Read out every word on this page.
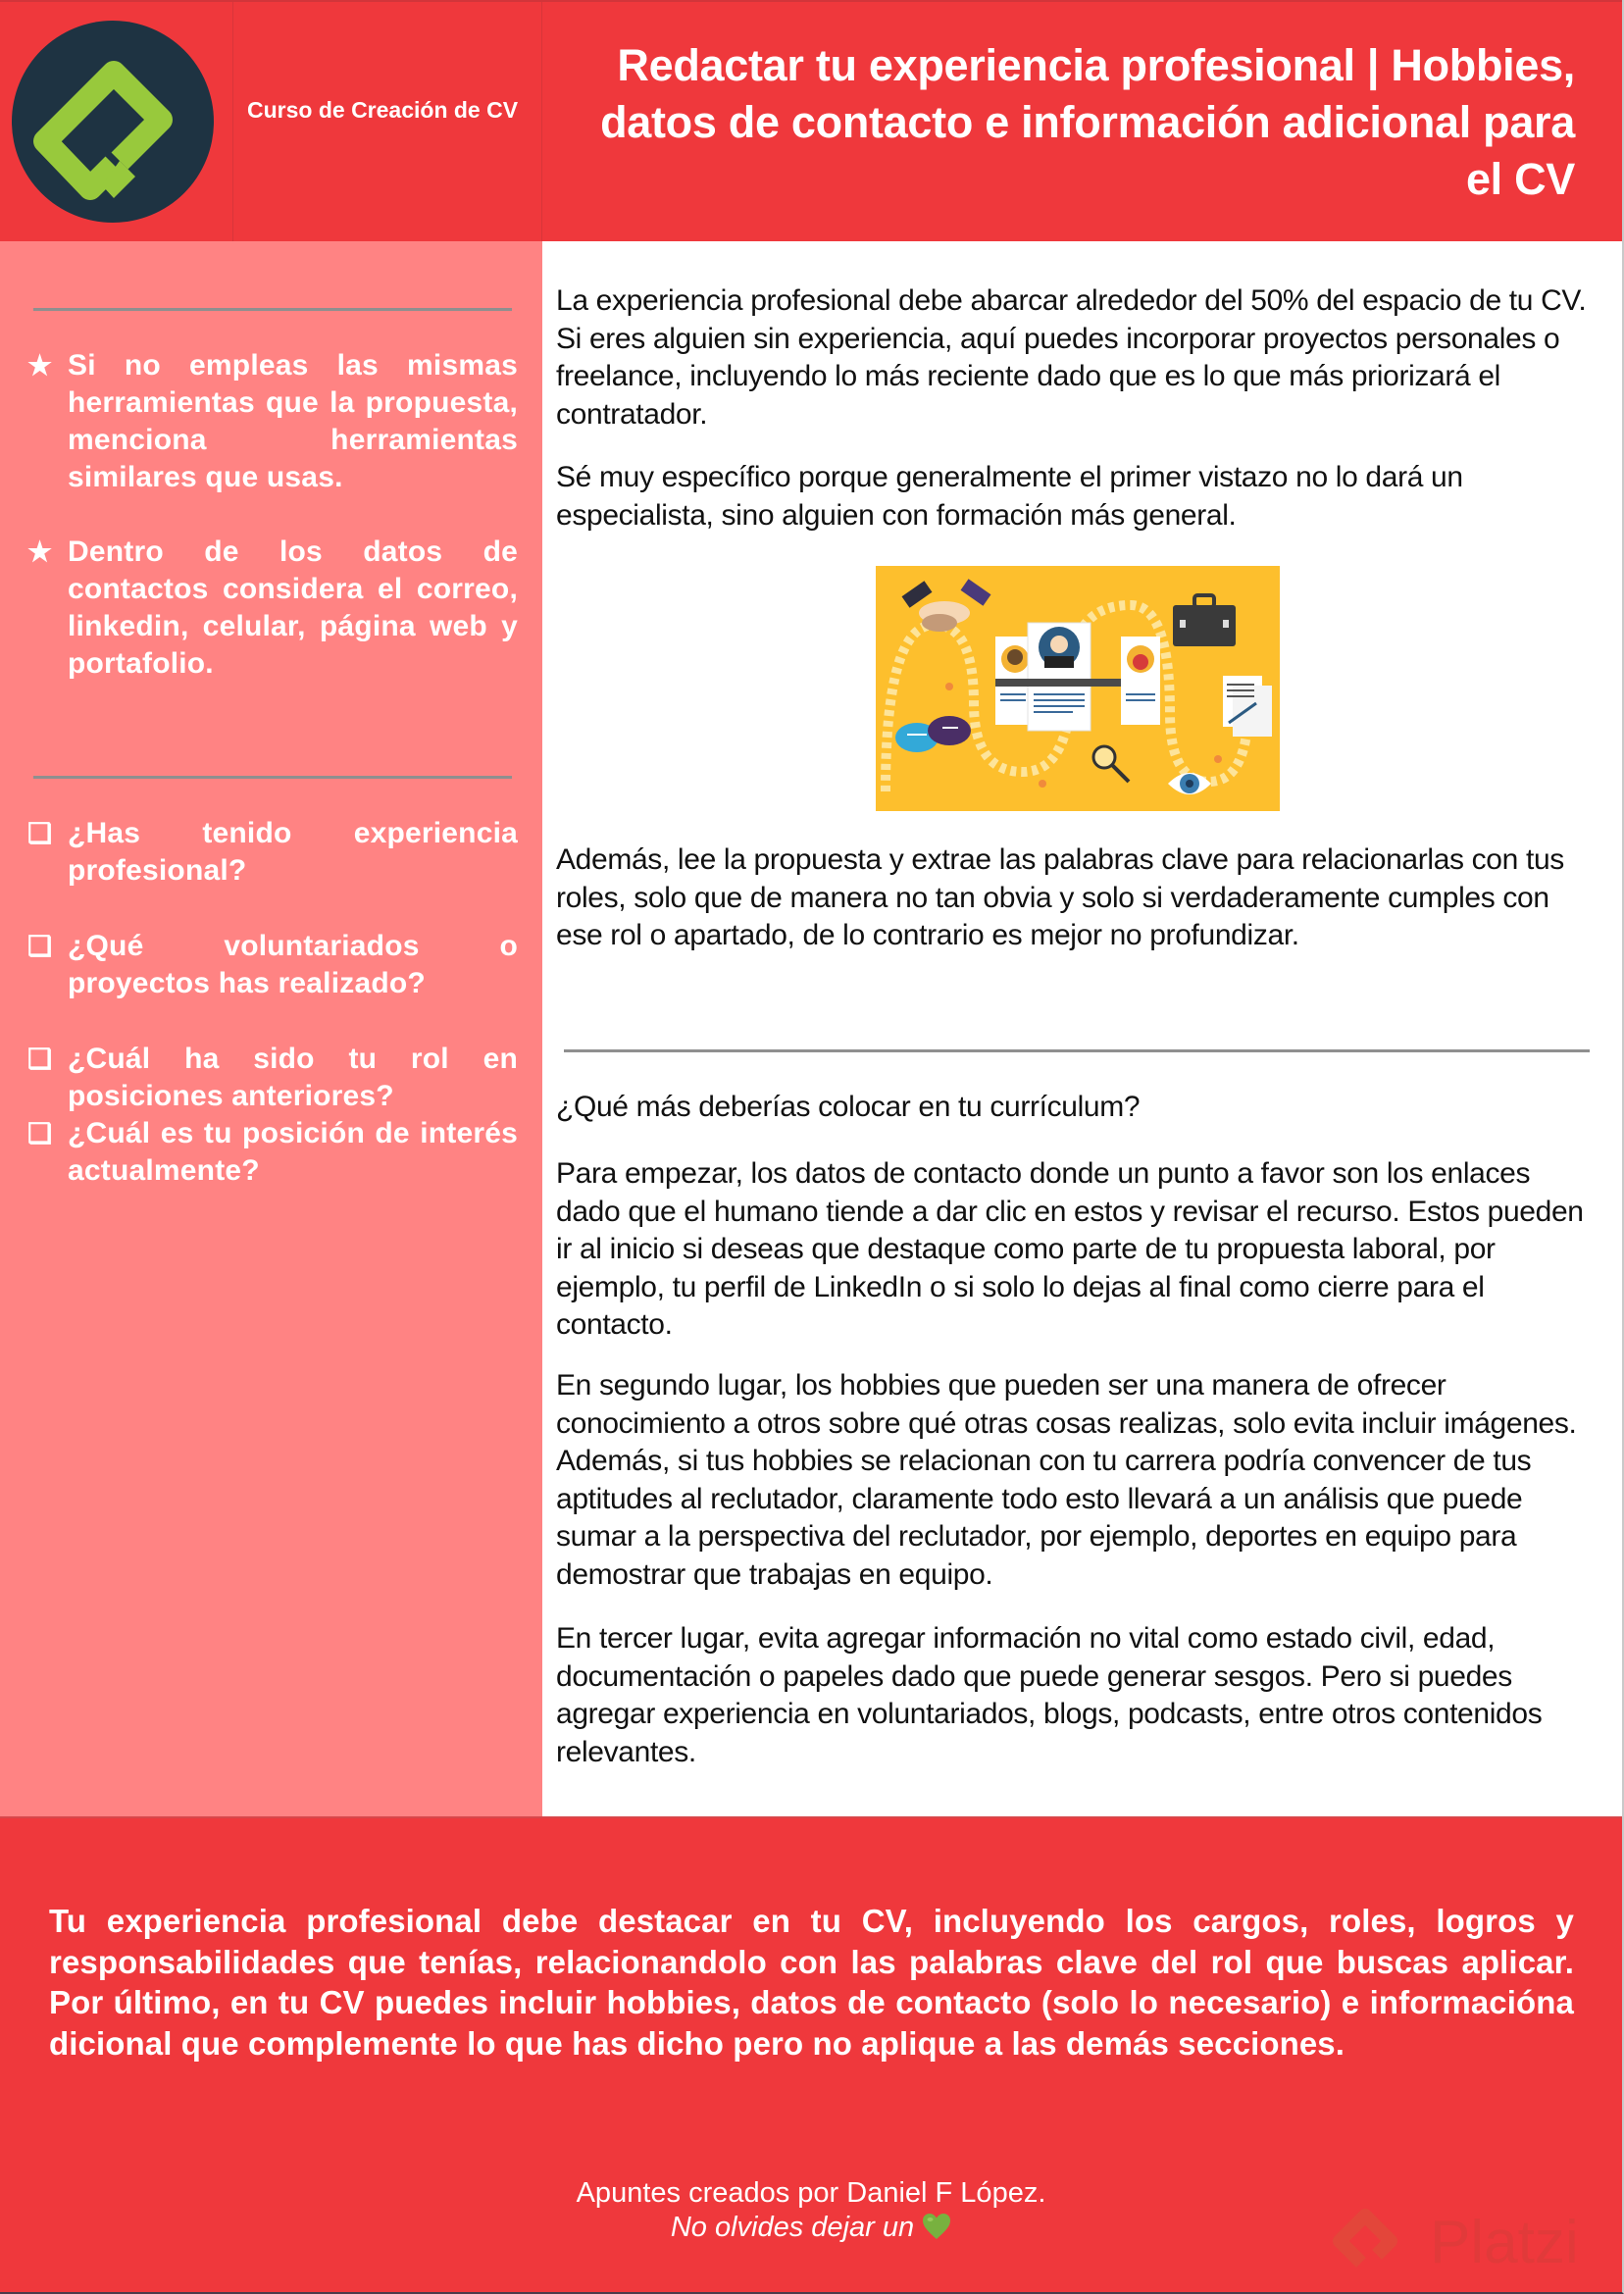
Curso de Creación de CV
Redactar tu experiencia profesional | Hobbies, datos de contacto e información adicional para el CV
★ Si no empleas las mismas herramientas que la propuesta, menciona herramientas similares que usas.
★ Dentro de los datos de contactos considera el correo, linkedin, celular, página web y portafolio.
❑ ¿Has tenido experiencia profesional?
❑ ¿Qué voluntariados o proyectos has realizado?
❑ ¿Cuál ha sido tu rol en posiciones anteriores?
❑ ¿Cuál es tu posición de interés actualmente?

La experiencia profesional debe abarcar alrededor del 50% del espacio de tu CV. Si eres alguien sin experiencia, aquí puedes incorporar proyectos personales o freelance, incluyendo lo más reciente dado que es lo que más priorizará el contratador.

Sé muy específico porque generalmente el primer vistazo no lo dará un especialista, sino alguien con formación más general.

Además, lee la propuesta y extrae las palabras clave para relacionarlas con tus roles, solo que de manera no tan obvia y solo si verdaderamente cumples con ese rol o apartado, de lo contrario es mejor no profundizar.

¿Qué más deberías colocar en tu currículum?

Para empezar, los datos de contacto donde un punto a favor son los enlaces dado que el humano tiende a dar clic en estos y revisar el recurso. Estos pueden ir al inicio si deseas que destaque como parte de tu propuesta laboral, por ejemplo, tu perfil de LinkedIn o si solo lo dejas al final como cierre para el contacto.

En segundo lugar, los hobbies que pueden ser una manera de ofrecer conocimiento a otros sobre qué otras cosas realizas, solo evita incluir imágenes. Además, si tus hobbies se relacionan con tu carrera podría convencer de tus aptitudes al reclutador, claramente todo esto llevará a un análisis que puede sumar a la perspectiva del reclutador, por ejemplo, deportes en equipo para demostrar que trabajas en equipo.

En tercer lugar, evita agregar información no vital como estado civil, edad, documentación o papeles dado que puede generar sesgos. Pero si puedes agregar experiencia en voluntariados, blogs, podcasts, entre otros contenidos relevantes.

Tu experiencia profesional debe destacar en tu CV, incluyendo los cargos, roles, logros y responsabilidades que tenías, relacionandolo con las palabras clave del rol que buscas aplicar. Por último, en tu CV puedes incluir hobbies, datos de contacto (solo lo necesario) e informacióna dicional que complemente lo que has dicho pero no aplique a las demás secciones.

Apuntes creados por Daniel F López.
No olvides dejar un	Platzi
